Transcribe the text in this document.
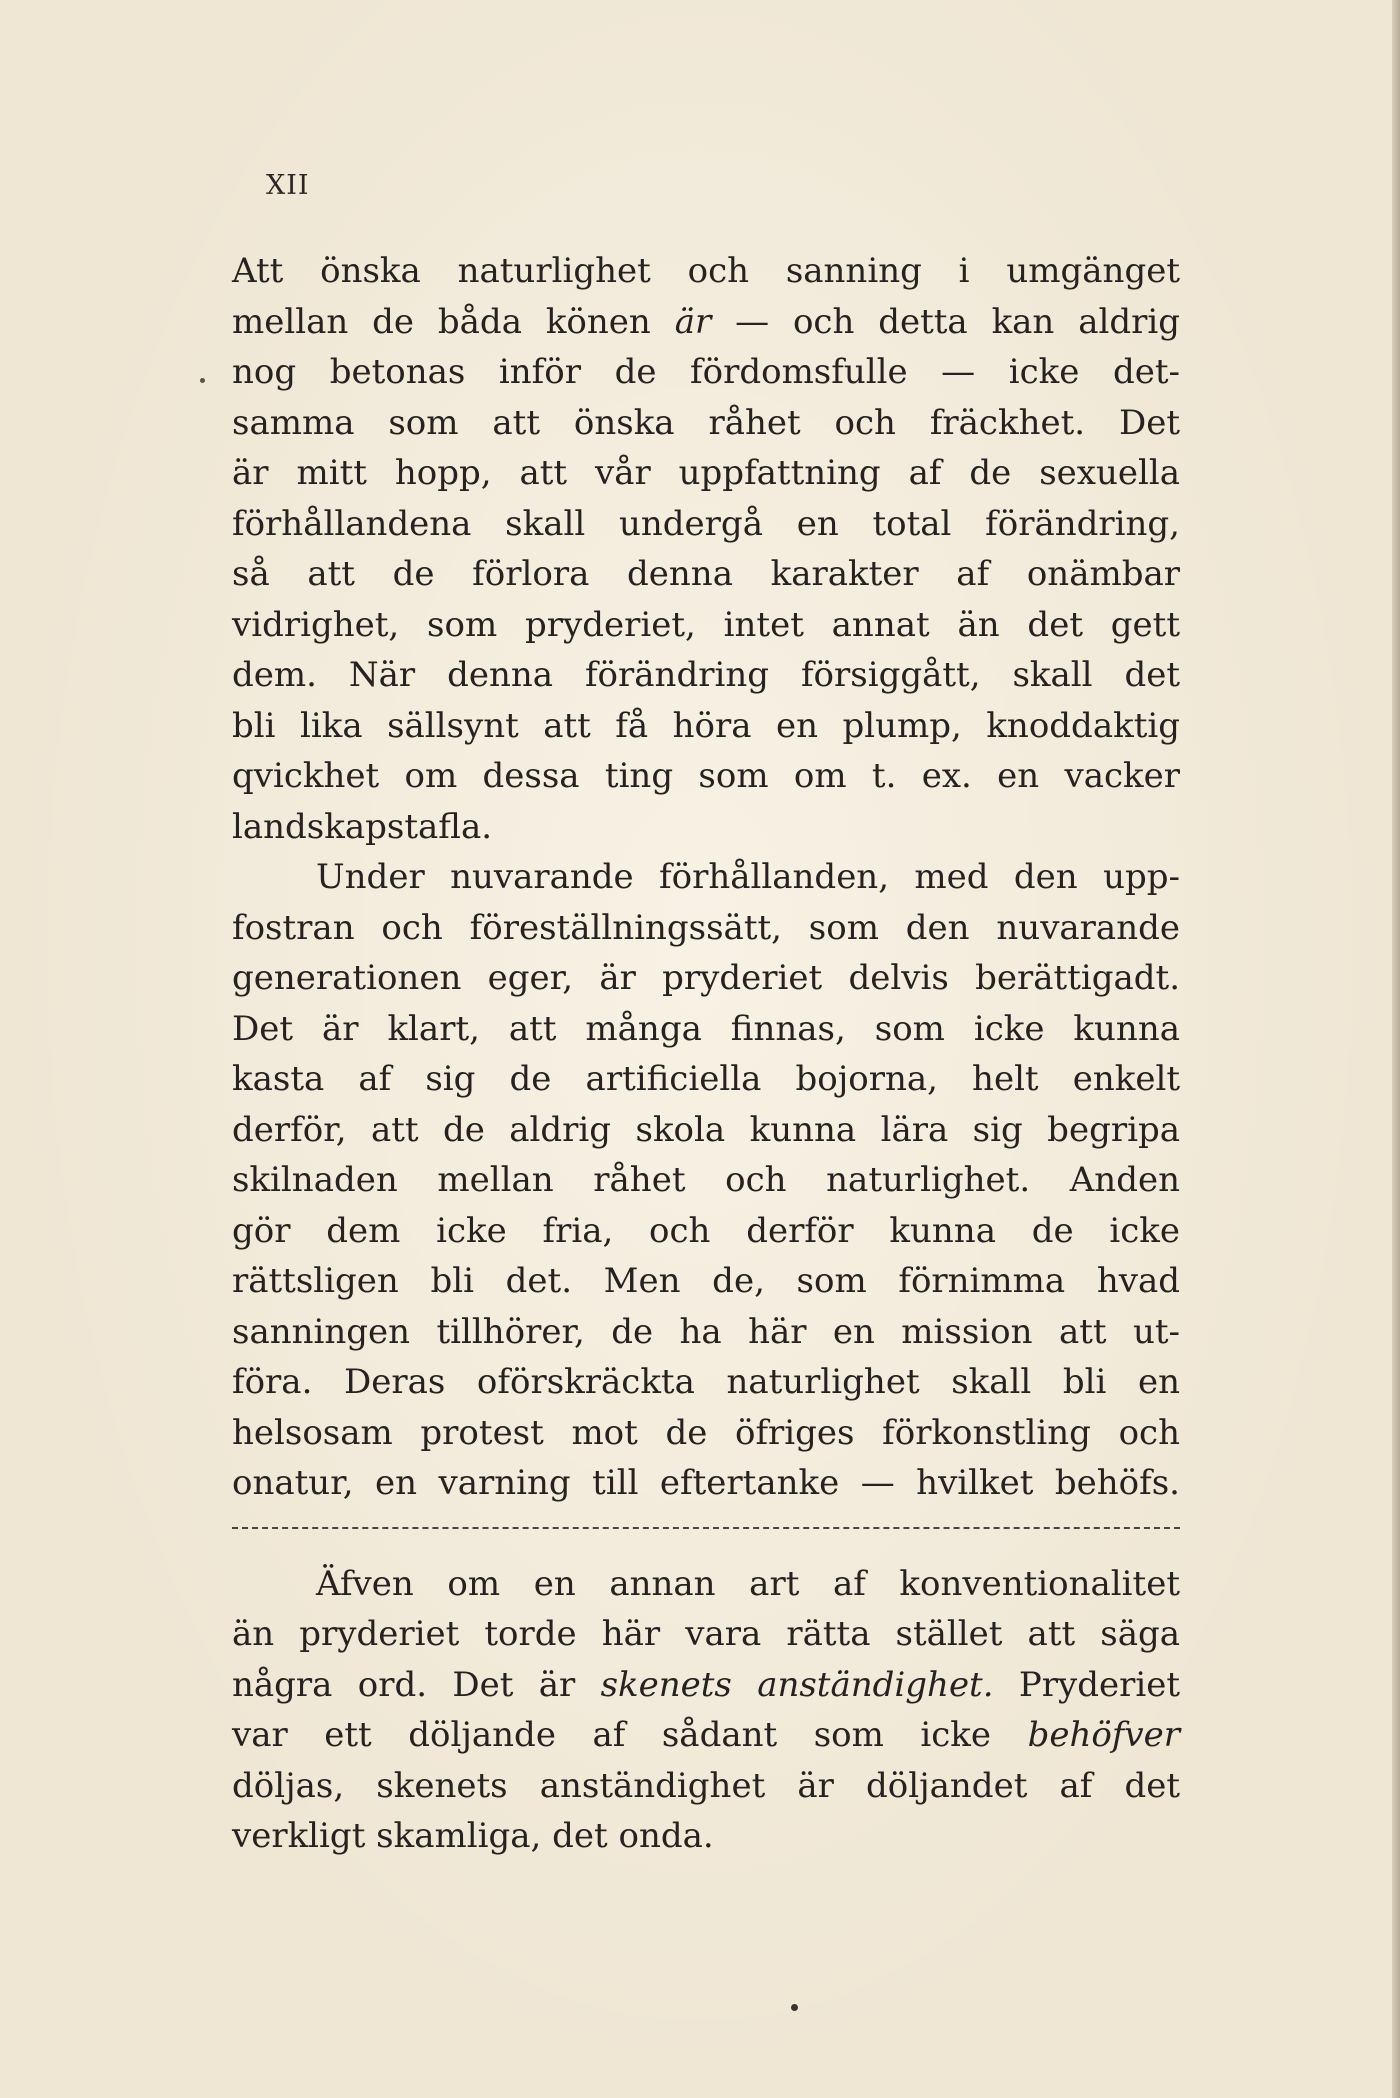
XII
Att önska naturlighet och sanning i umgänget
mellan de båda könen är — och detta kan aldrig
nog betonas inför de fördomsfulle — icke det-
samma som att önska råhet och fräckhet. Det
är mitt hopp, att vår uppfattning af de sexuella
förhållandena skall undergå en total förändring,
så att de förlora denna karakter af onämbar
vidrighet, som pryderiet, intet annat än det gett
dem. När denna förändring försiggått, skall det
bli lika sällsynt att få höra en plump, knoddaktig
qvickhet om dessa ting som om t. ex. en vacker
landskapstafla.
Under nuvarande förhållanden, med den upp-
fostran och föreställningssätt, som den nuvarande
generationen eger, är pryderiet delvis berättigadt.
Det är klart, att många finnas, som icke kunna
kasta af sig de artificiella bojorna, helt enkelt
derför, att de aldrig skola kunna lära sig begripa
skilnaden mellan råhet och naturlighet. Anden
gör dem icke fria, och derför kunna de icke
rättsligen bli det. Men de, som förnimma hvad
sanningen tillhörer, de ha här en mission att ut-
föra. Deras oförskräckta naturlighet skall bli en
helsosam protest mot de öfriges förkonstling och
onatur, en varning till eftertanke — hvilket behöfs.
Äfven om en annan art af konventionalitet
än pryderiet torde här vara rätta stället att säga
några ord. Det är skenets anständighet. Pryderiet
var ett döljande af sådant som icke behöfver
döljas, skenets anständighet är döljandet af det
verkligt skamliga, det onda.
